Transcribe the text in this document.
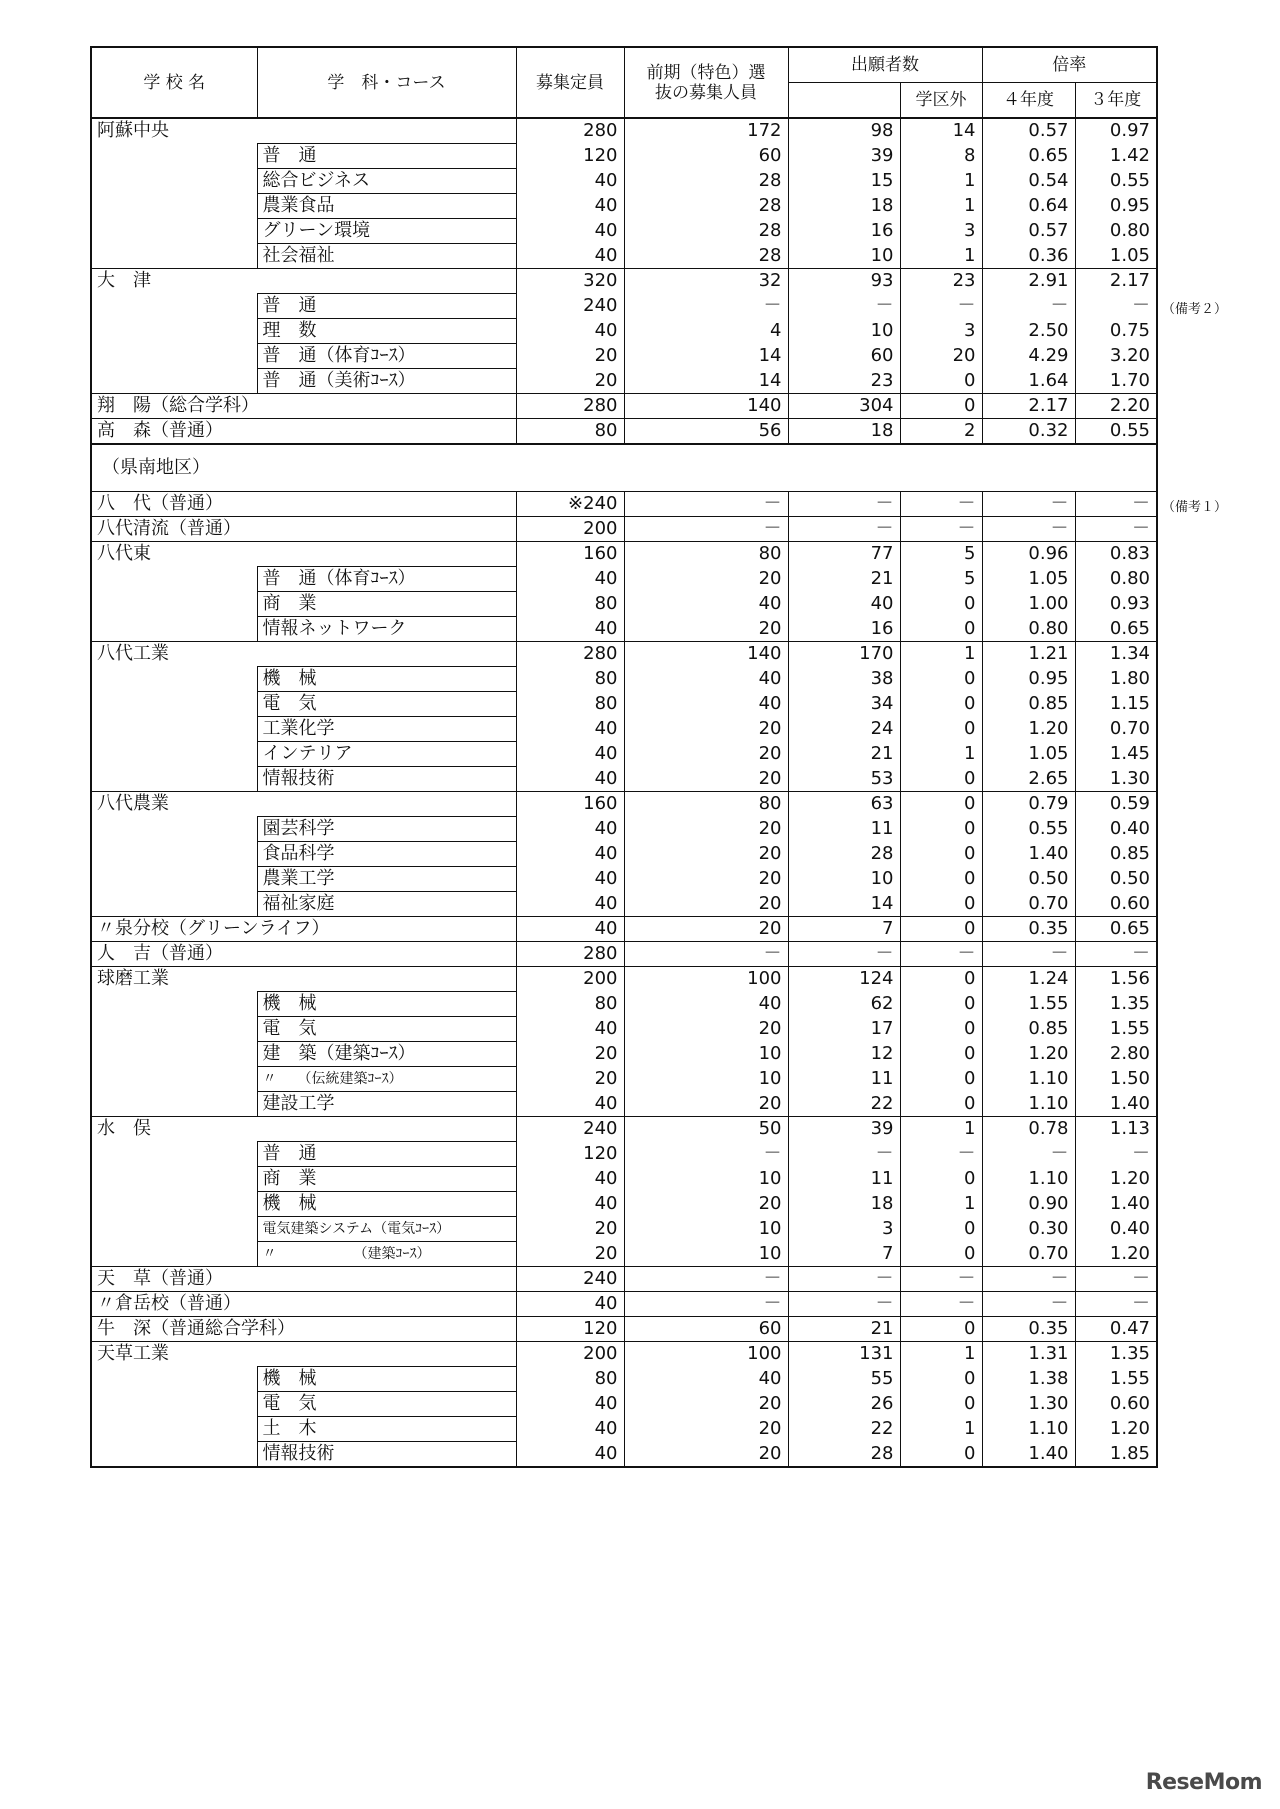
学 校 名	学　科・コース	募集定員	前期（特色）選抜の募集人員	出願者数		倍率	
					学区外	４年度	３年度
阿蘇中央		280	172	98	14	0.57	0.97
	普　通	120	60	39	8	0.65	1.42
	総合ビジネス	40	28	15	1	0.54	0.55
	農業食品	40	28	18	1	0.64	0.95
	グリーン環境	40	28	16	3	0.57	0.80
	社会福祉	40	28	10	1	0.36	1.05
大　津		320	32	93	23	2.91	2.17
	普　通	240	－	－	－	－	－
	理　数	40	4	10	3	2.50	0.75
	普　通（体育ｺｰｽ）	20	14	60	20	4.29	3.20
	普　通（美術ｺｰｽ）	20	14	23	0	1.64	1.70
翔　陽（総合学科）		280	140	304	0	2.17	2.20
高　森（普通）		80	56	18	2	0.32	0.55
（県南地区）							
八　代（普通）		※240	－	－	－	－	－
八代清流（普通）		200	－	－	－	－	－
八代東		160	80	77	5	0.96	0.83
	普　通（体育ｺｰｽ）	40	20	21	5	1.05	0.80
	商　業	80	40	40	0	1.00	0.93
	情報ネットワーク	40	20	16	0	0.80	0.65
八代工業		280	140	170	1	1.21	1.34
	機　械	80	40	38	0	0.95	1.80
	電　気	80	40	34	0	0.85	1.15
	工業化学	40	20	24	0	1.20	0.70
	インテリア	40	20	21	1	1.05	1.45
	情報技術	40	20	53	0	2.65	1.30
八代農業		160	80	63	0	0.79	0.59
	園芸科学	40	20	11	0	0.55	0.40
	食品科学	40	20	28	0	1.40	0.85
	農業工学	40	20	10	0	0.50	0.50
	福祉家庭	40	20	14	0	0.70	0.60
〃泉分校（グリーンライフ）		40	20	7	0	0.35	0.65
人　吉（普通）		280	－	－	－	－	－
球磨工業		200	100	124	0	1.24	1.56
	機　械	80	40	62	0	1.55	1.35
	電　気	40	20	17	0	0.85	1.55
	建　築（建築ｺｰｽ）	20	10	12	0	1.20	2.80
	〃　　（伝統建築ｺｰｽ）	20	10	11	0	1.10	1.50
	建設工学	40	20	22	0	1.10	1.40
水　俣		240	50	39	1	0.78	1.13
	普　通	120	－	－	－	－	－
	商　業	40	10	11	0	1.10	1.20
	機　械	40	20	18	1	0.90	1.40
	電気建築システム（電気ｺｰｽ）	20	10	3	0	0.30	0.40
	〃　　　　　　（建築ｺｰｽ）	20	10	7	0	0.70	1.20
天　草（普通）		240	－	－	－	－	－
〃倉岳校（普通）		40	－	－	－	－	－
牛　深（普通総合学科）		120	60	21	0	0.35	0.47
天草工業		200	100	131	1	1.31	1.35
	機　械	80	40	55	0	1.38	1.55
	電　気	40	20	26	0	1.30	0.60
	土　木	40	20	22	1	1.10	1.20
	情報技術	40	20	28	0	1.40	1.85
（備考２）
（備考１）
ReseMom
